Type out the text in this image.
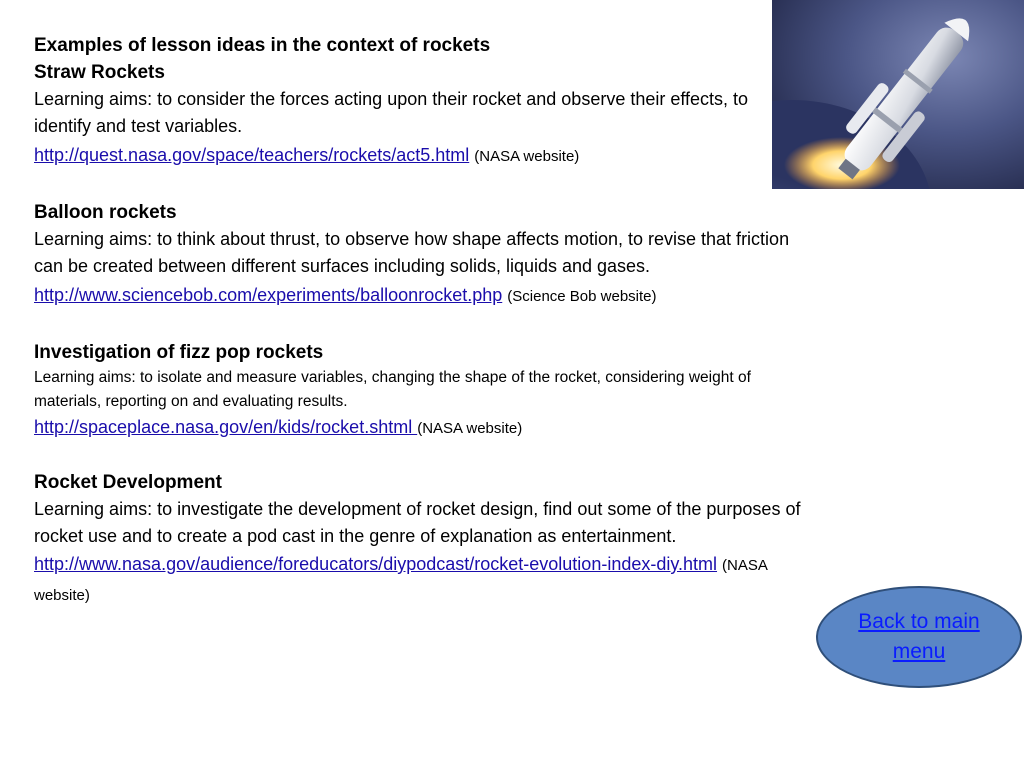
Examples of lesson ideas in the context of rockets

Straw Rockets

Learning aims: to consider the forces acting upon their rocket and observe their effects, to identify and test variables.

http://quest.nasa.gov/space/teachers/rockets/act5.html (NASA website)

Balloon rockets

Learning aims: to think about thrust, to observe how shape affects motion, to revise that friction can be created between different surfaces including solids, liquids and gases.

http://www.sciencebob.com/experiments/balloonrocket.php (Science Bob website)

Investigation of fizz pop rockets

Learning aims: to isolate and measure variables, changing the shape of the rocket, considering weight of materials, reporting on and evaluating results.

http://spaceplace.nasa.gov/en/kids/rocket.shtml (NASA website)

Rocket Development

Learning aims: to investigate the development of rocket design, find out some of the purposes of rocket use and to create a pod cast in the genre of explanation as entertainment.

http://www.nasa.gov/audience/foreducators/diypodcast/rocket-evolution-index-diy.html (NASA website)

Back to main menu
